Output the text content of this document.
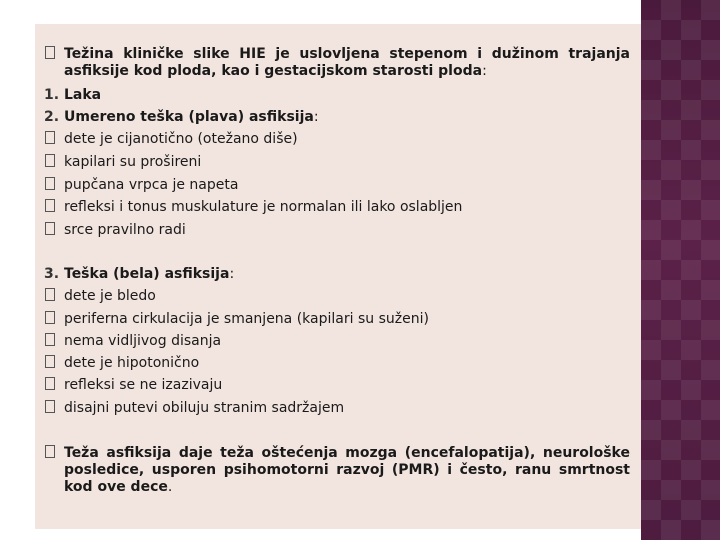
Težina kliničke slike HIE je uslovljena stepenom i dužinom trajanja asfiksije kod ploda, kao i gestacijskom starosti ploda:
1. Laka
2. Umereno teška (plava) asfiksija:
dete je cijanotično (otežano diše)
kapilari su prošireni
pupčana vrpca je napeta
refleksi i tonus muskulature je normalan ili lako oslabljen
srce pravilno radi
3. Teška (bela) asfiksija:
dete je bledo
periferna cirkulacija je smanjena (kapilari su suženi)
nema vidljivog disanja
dete je hipotonično
refleksi se ne izazivaju
disajni putevi obiluju stranim sadržajem
Teža asfiksija daje teža oštećenja mozga (encefalopatija), neurološke posledice, usporen psihomotorni razvoj (PMR) i često, ranu smrtnost kod ove dece.
